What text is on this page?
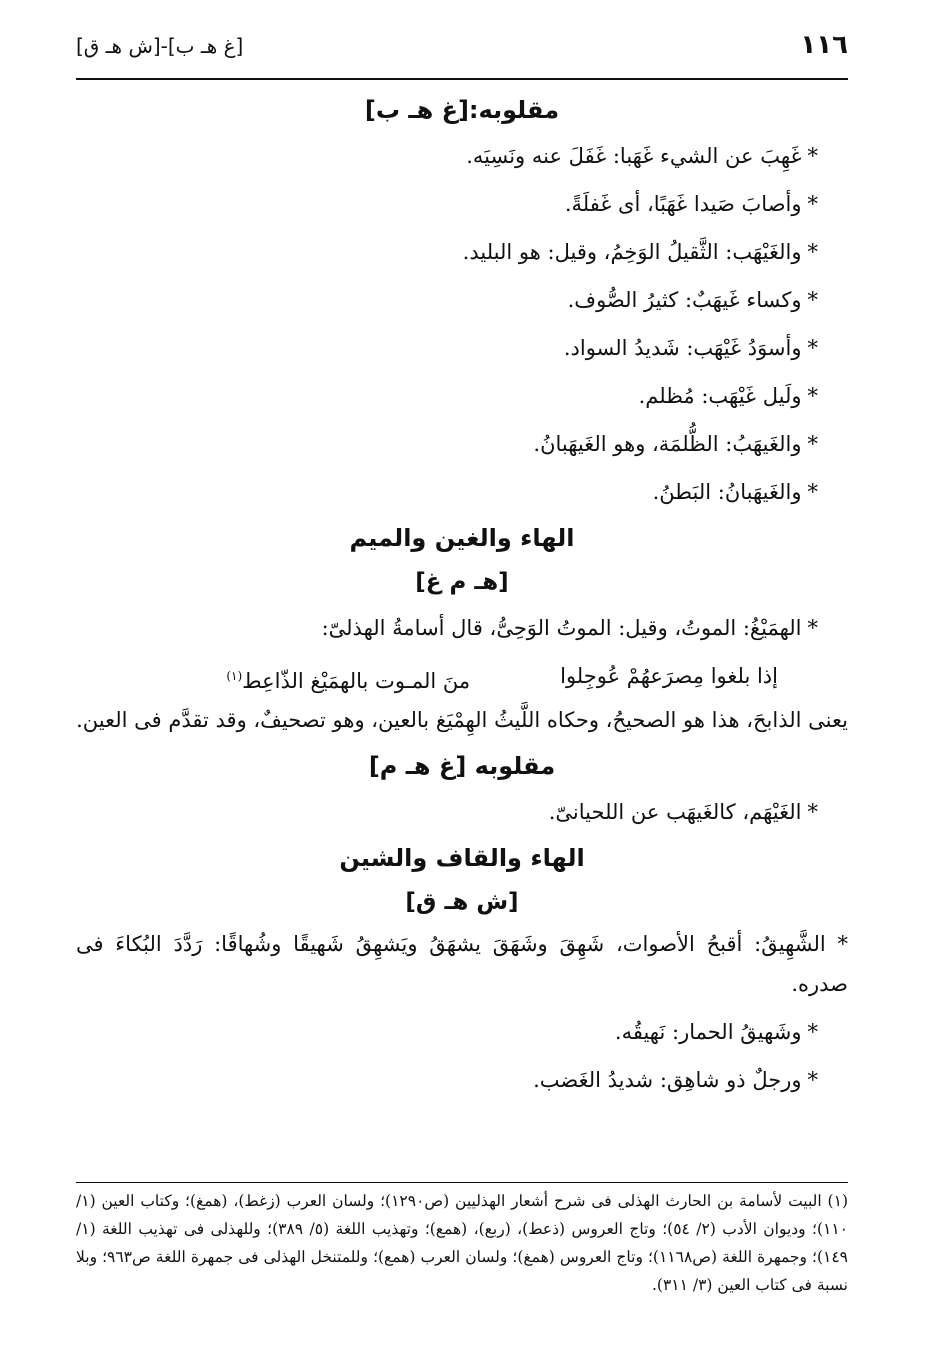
١١٦
[غ هـ ب]-[ش هـ ق]
مقلوبه:[غ هـ ب]
*غَهِبَ عن الشيء غَهَبا: غَفَلَ عنه ونَسِيَه.
*وأصابَ صَيدا غَهَبًا، أى غَفلَةً.
*والغَيْهَب: الثَّقيلُ الوَخِمُ، وقيل: هو البليد.
*وكساء غَيهَبٌ: كثيرُ الصُّوف.
*وأسوَدُ غَيْهَب: شَديدُ السواد.
*ولَيل غَيْهَب: مُظلم.
*والغَيهَبُ: الظُّلمَة، وهو الغَيهَبانُ.
*والغَيهَبانُ: البَطنُ.
الهاء والغين والميم
[هـ م غ]
*الهمَيْغُ: الموتُ، وقيل: الموتُ الوَحِىُّ، قال أسامةُ الهذلىّ:
إذا بلغوا مِصرَعهُمْ عُوجِلوا
منَ المـوت بالهمَيْغ الذّاعِط$^{(١)}$

يعنى الذابحَ، هذا هو الصحيحُ، وحكاه اللَّيثُ الهِمْيَغ بالعين، وهو تصحيفٌ، وقد تقدَّم فى العين.

مقلوبه [غ هـ م]
*الغَيْهَم، كالغَيهَب عن اللحيانىّ.
الهاء والقاف والشين
[ش هـ ق]

* الشَّهِيقُ: أقبحُ الأصوات، شَهِقَ وشَهَقَ يشهَقُ ويَشهِقُ شَهيقًا وشُهاقًا: رَدَّدَ البُكاءَ فى صدره.

*وشَهيقُ الحمار: نَهيقُه.
*ورجلٌ ذو شاهِق: شديدُ الغَضب.

(١) البيت لأسامة بن الحارث الهذلى فى شرح أشعار الهذليين (ص١٢٩٠)؛ ولسان العرب (زغط)، (همغ)؛ وكتاب العين (١/ ١١٠)؛ وديوان الأدب (٢/ ٥٤)؛ وتاج العروس (ذعط)، (ربع)، (همع)؛ وتهذيب اللغة (٥/ ٣٨٩)؛ وللهذلى فى تهذيب اللغة (١/ ١٤٩)؛ وجمهرة اللغة (ص١١٦٨)؛ وتاج العروس (همغ)؛ ولسان العرب (همع)؛ وللمتنخل الهذلى فى جمهرة اللغة ص٩٦٣؛ وبلا نسبة فى كتاب العين (٣/ ٣١١).
